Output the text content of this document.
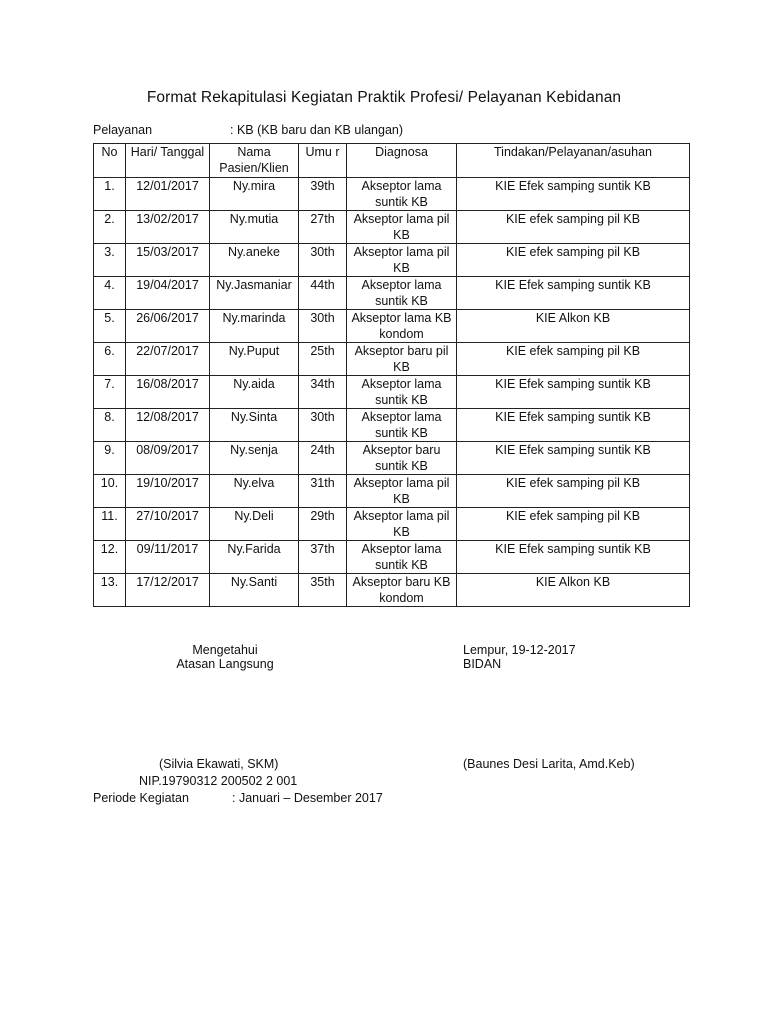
Format Rekapitulasi Kegiatan Praktik Profesi/ Pelayanan Kebidanan
Pelayanan	: KB (KB baru dan KB ulangan)
No	Hari/ Tanggal	Nama Pasien/Klien	Umu r	Diagnosa	Tindakan/Pelayanan/asuhan
1.	12/01/2017	Ny.mira	39th	Akseptor lama suntik KB	KIE Efek samping suntik KB
2.	13/02/2017	Ny.mutia	27th	Akseptor lama pil KB	KIE efek samping pil KB
3.	15/03/2017	Ny.aneke	30th	Akseptor lama pil KB	KIE efek samping pil KB
4.	19/04/2017	Ny.Jasmaniar	44th	Akseptor lama suntik KB	KIE Efek samping suntik KB
5.	26/06/2017	Ny.marinda	30th	Akseptor lama KB kondom	KIE Alkon KB
6.	22/07/2017	Ny.Puput	25th	Akseptor baru pil KB	KIE efek samping pil KB
7.	16/08/2017	Ny.aida	34th	Akseptor lama suntik KB	KIE Efek samping suntik KB
8.	12/08/2017	Ny.Sinta	30th	Akseptor lama suntik KB	KIE Efek samping suntik KB
9.	08/09/2017	Ny.senja	24th	Akseptor baru suntik KB	KIE Efek samping suntik KB
10.	19/10/2017	Ny.elva	31th	Akseptor lama pil KB	KIE efek samping pil KB
11.	27/10/2017	Ny.Deli	29th	Akseptor lama pil KB	KIE efek samping pil KB
12.	09/11/2017	Ny.Farida	37th	Akseptor lama suntik KB	KIE Efek samping suntik KB
13.	17/12/2017	Ny.Santi	35th	Akseptor baru KB kondom	KIE Alkon KB
Mengetahui
Atasan Langsung
Lempur, 19-12-2017
BIDAN
(Silvia Ekawati, SKM)
NIP.19790312 200502 2 001
(Baunes Desi Larita, Amd.Keb)
Periode Kegiatan	: Januari – Desember 2017
